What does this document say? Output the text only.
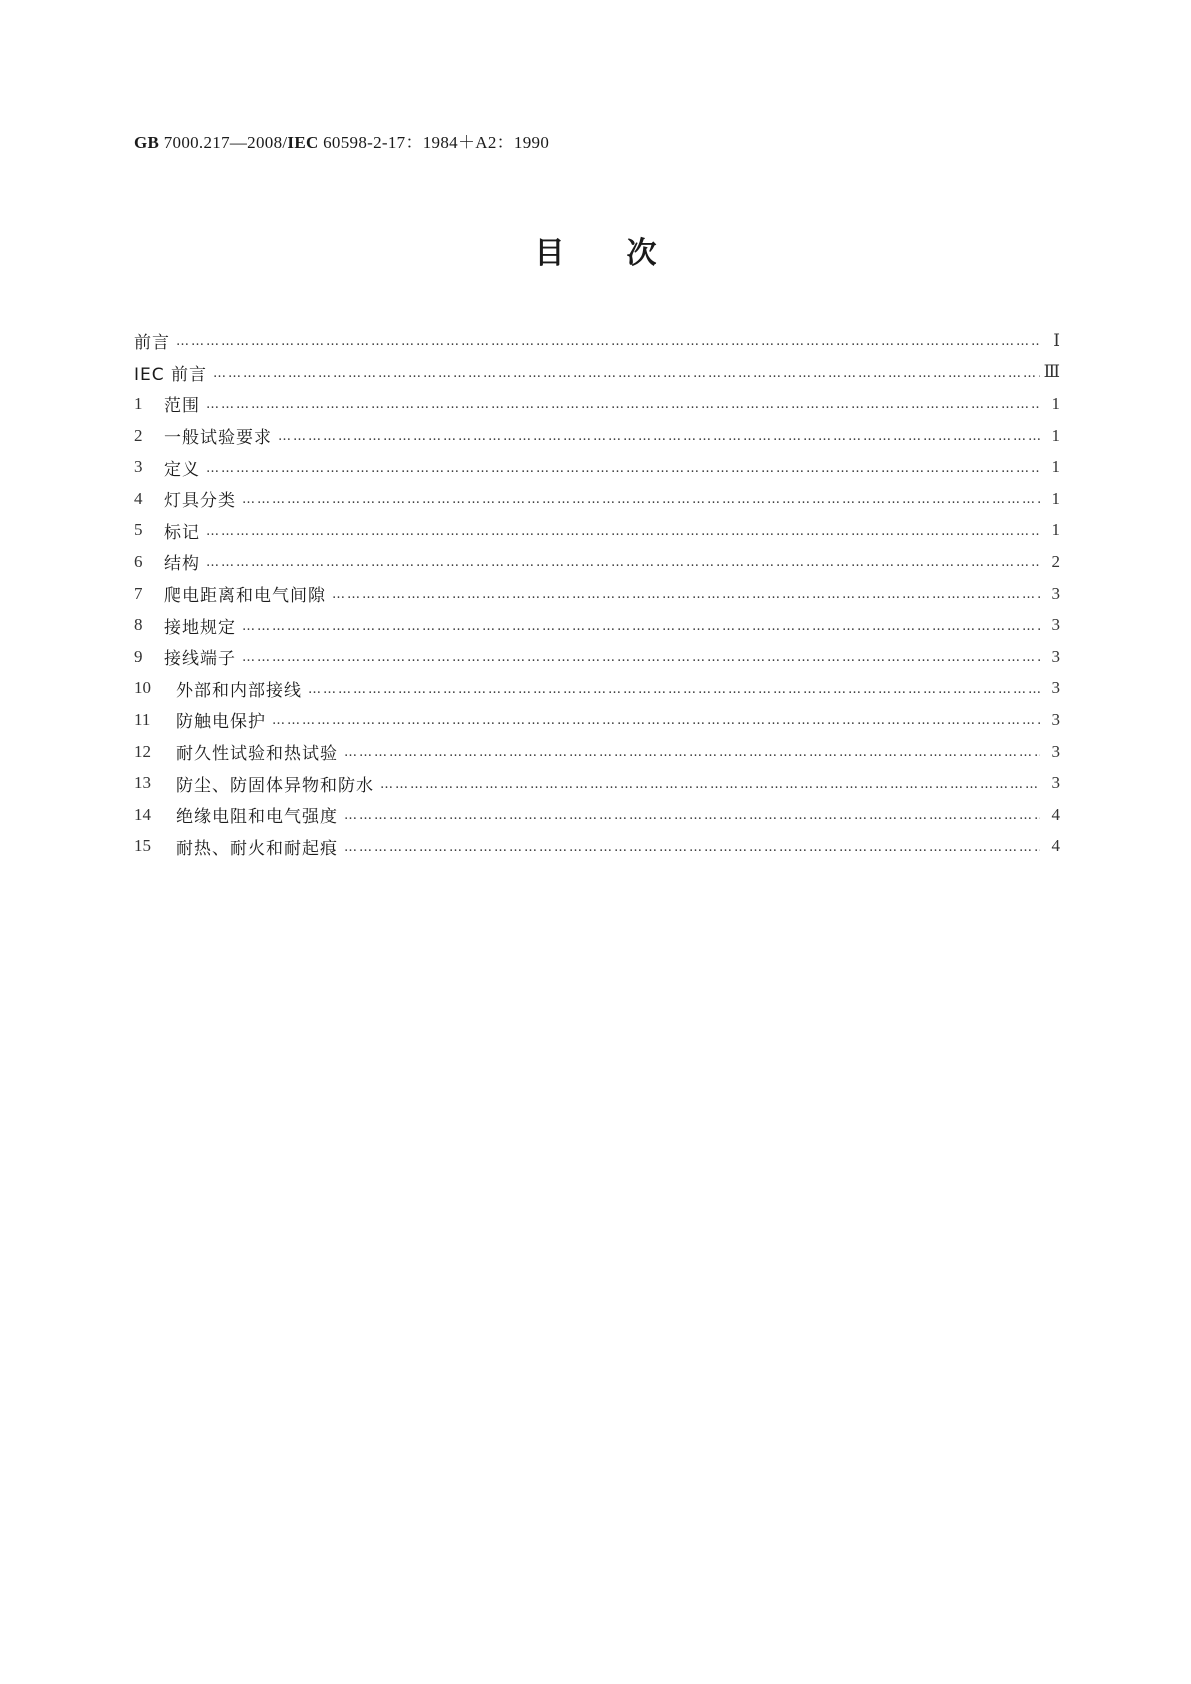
GB 7000.217—2008/IEC 60598-2-17：1984＋A2：1990
目次
前言 …………………………………………………………………………………………………………………………………………………………………………………………	Ⅰ
IEC 前言 …………………………………………………………………………………………………………………………………………………………………………………………	Ⅲ
1	范围 …………………………………………………………………………………………………………………………………………………………………………………………	1
2	一般试验要求 …………………………………………………………………………………………………………………………………………………………………………………………	1
3	定义 …………………………………………………………………………………………………………………………………………………………………………………………	1
4	灯具分类 …………………………………………………………………………………………………………………………………………………………………………………………	1
5	标记 …………………………………………………………………………………………………………………………………………………………………………………………	1
6	结构 …………………………………………………………………………………………………………………………………………………………………………………………	2
7	爬电距离和电气间隙 …………………………………………………………………………………………………………………………………………………………………………………………	3
8	接地规定 …………………………………………………………………………………………………………………………………………………………………………………………	3
9	接线端子 …………………………………………………………………………………………………………………………………………………………………………………………	3
10	外部和内部接线 …………………………………………………………………………………………………………………………………………………………………………………………	3
11	防触电保护 …………………………………………………………………………………………………………………………………………………………………………………………	3
12	耐久性试验和热试验 …………………………………………………………………………………………………………………………………………………………………………………………	3
13	防尘、防固体异物和防水 …………………………………………………………………………………………………………………………………………………………………………………………	3
14	绝缘电阻和电气强度 …………………………………………………………………………………………………………………………………………………………………………………………	4
15	耐热、耐火和耐起痕 …………………………………………………………………………………………………………………………………………………………………………………………	4
